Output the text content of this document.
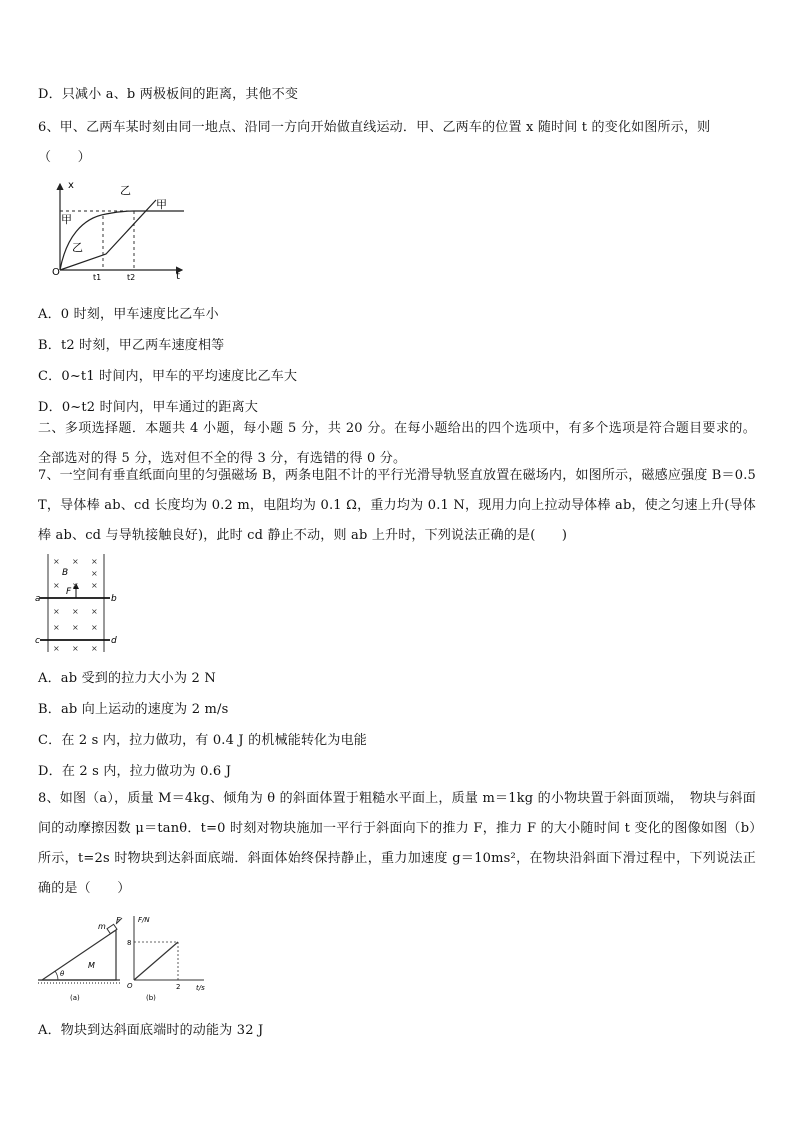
D．只减小 a、b 两极板间的距离，其他不变
6、甲、乙两车某时刻由同一地点、沿同一方向开始做直线运动．甲、乙两车的位置 x 随时间 t 的变化如图所示，则
（　　）
x
t
O
甲
甲
乙
乙
t1	t2
A．0 时刻，甲车速度比乙车小
B．t2 时刻，甲乙两车速度相等
C．0~t1 时间内，甲车的平均速度比乙车大
D．0~t2 时间内，甲车通过的距离大
二、多项选择题．本题共 4 小题，每小题 5 分，共 20 分。在每小题给出的四个选项中，有多个选项是符合题目要求的。全部选对的得 5 分，选对但不全的得 3 分，有选错的得 0 分。
7、一空间有垂直纸面向里的匀强磁场 B，两条电阻不计的平行光滑导轨竖直放置在磁场内，如图所示，磁感应强度 B＝0.5 T，导体棒 ab、cd 长度均为 0.2 m，电阻均为 0.1 Ω，重力均为 0.1 N，现用力向上拉动导体棒 ab，使之匀速上升(导体棒 ab、cd 与导轨接触良好)，此时 cd 静止不动，则 ab 上升时，下列说法正确的是(　　)
× × ×
×
× × ×
× × ×
× × ×
× × ×
B
F
a	b
c	d
A．ab 受到的拉力大小为 2 N
B．ab 向上运动的速度为 2 m/s
C．在 2 s 内，拉力做功，有 0.4 J 的机械能转化为电能
D．在 2 s 内，拉力做功为 0.6 J
8、如图（a），质量 M＝4kg、倾角为 θ 的斜面体置于粗糙水平面上，质量 m＝1kg 的小物块置于斜面顶端，　物块与斜面间的动摩擦因数 μ＝tanθ．t=0 时刻对物块施加一平行于斜面向下的推力 F，推力 F 的大小随时间 t 变化的图像如图（b）所示，t=2s 时物块到达斜面底端．斜面体始终保持静止，重力加速度 g＝10ms²，在物块沿斜面下滑过程中，下列说法正确的是（　　）
F
m
M
θ
(a)
F/N
t/s
O
8
2
(b)
A．物块到达斜面底端时的动能为 32 J
